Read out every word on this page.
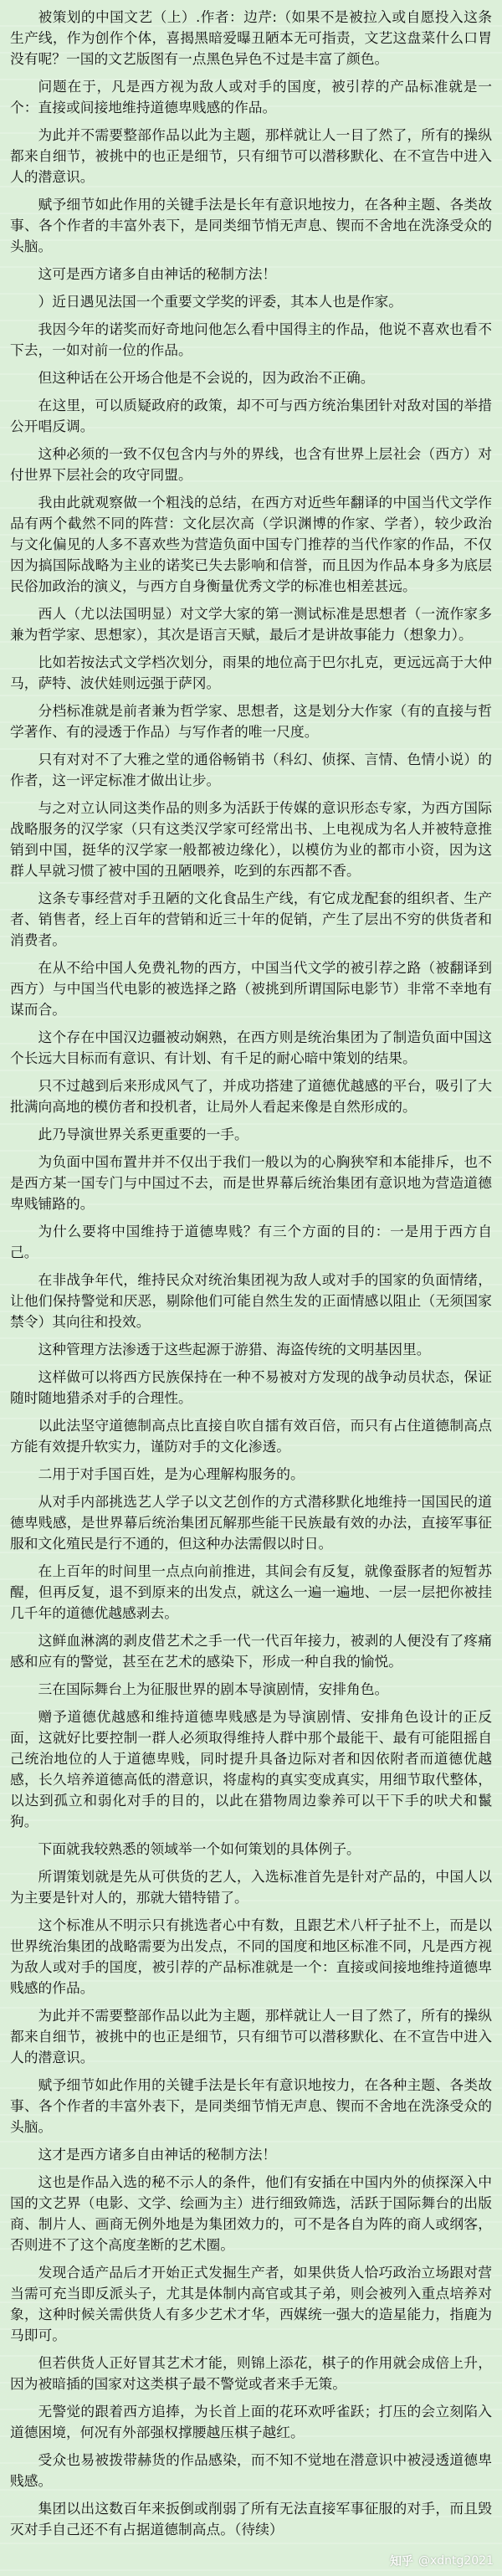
被策划的中国文艺（上）.作者：边芹:（如果不是被拉入或自愿投入这条生产线，作为创作个体，喜揭黑暗爱曝丑陋本无可指责，文艺这盘菜什么口胃没有呢？一国的文艺版图有一点黑色异色不过是丰富了颜色。

问题在于，凡是西方视为敌人或对手的国度，被引荐的产品标准就是一个：直接或间接地维持道德卑贱感的作品。

为此并不需要整部作品以此为主题，那样就让人一目了然了，所有的操纵都来自细节，被挑中的也正是细节，只有细节可以潜移默化、在不宣告中进入人的潜意识。

赋予细节如此作用的关键手法是长年有意识地按力，在各种主题、各类故事、各个作者的丰富外表下，是同类细节悄无声息、锲而不舍地在洗涤受众的头脑。

这可是西方诸多自由神话的秘制方法！

）近日遇见法国一个重要文学奖的评委，其本人也是作家。

我因今年的诺奖而好奇地问他怎么看中国得主的作品，他说不喜欢也看不下去，一如对前一位的作品。

但这种话在公开场合他是不会说的，因为政治不正确。

在这里，可以质疑政府的政策，却不可与西方统治集团针对敌对国的举措公开唱反调。

这种必须的一致不仅包含内与外的界线，也含有世界上层社会（西方）对付世界下层社会的攻守同盟。

我由此就观察做一个粗浅的总结，在西方对近些年翻译的中国当代文学作品有两个截然不同的阵营：文化层次高（学识渊博的作家、学者），较少政治与文化偏见的人多不喜欢些为营造负面中国专门推荐的当代作家的作品，不仅因为搞国际战略为主业的诺奖已失去影响和信誉，而且因为作品本身多为底层民俗加政治的演义，与西方自身衡量优秀文学的标准也相差甚远。

西人（尤以法国明显）对文学大家的第一测试标准是思想者（一流作家多兼为哲学家、思想家），其次是语言天赋，最后才是讲故事能力（想象力）。

比如若按法式文学档次划分，雨果的地位高于巴尔扎克，更远远高于大仲马，萨特、波伏娃则远强于萨冈。

分档标准就是前者兼为哲学家、思想者，这是划分大作家（有的直接与哲学著作、有的浸透于作品）与写作者的唯一尺度。

只有对对不了大雅之堂的通俗畅销书（科幻、侦探、言情、色情小说）的作者，这一评定标准才做出让步。

与之对立认同这类作品的则多为活跃于传媒的意识形态专家，为西方国际战略服务的汉学家（只有这类汉学家可经常出书、上电视成为名人并被特意推销到中国，挺华的汉学家一般都被边缘化），以模仿为业的都市小资，因为这群人早就习惯了被中国的丑陋喂养，吃到的东西都不香。

这条专事经营对手丑陋的文化食品生产线，有它成龙配套的组织者、生产者、销售者，经上百年的营销和近三十年的促销，产生了层出不穷的供货者和消费者。

在从不给中国人免费礼物的西方，中国当代文学的被引荐之路（被翻译到西方）与中国当代电影的被选择之路（被挑到所谓国际电影节）非常不幸地有谋而合。

这个存在中国汉边疆被动娴熟，在西方则是统治集团为了制造负面中国这个长远大目标而有意识、有计划、有千足的耐心暗中策划的结果。

只不过越到后来形成风气了，并成功搭建了道德优越感的平台，吸引了大批满向高地的模仿者和投机者，让局外人看起来像是自然形成的。

此乃导演世界关系更重要的一手。

为负面中国布置井并不仅出于我们一般以为的心胸狭窄和本能排斥，也不是西方某一国专门与中国过不去，而是世界幕后统治集团有意识地为营造道德卑贱铺路的。

为什么要将中国维持于道德卑贱？有三个方面的目的：一是用于西方自己。

在非战争年代，维持民众对统治集团视为敌人或对手的国家的负面情绪，让他们保持警觉和厌恶，剔除他们可能自然生发的正面情感以阻止（无须国家禁令）其向往和投效。

这种管理方法渗透于这些起源于游猎、海盗传统的文明基因里。

这样做可以将西方民族保持在一种不易被对方发现的战争动员状态，保证随时随地猎杀对手的合理性。

以此法坚守道德制高点比直接自吹自擂有效百倍，而只有占住道德制高点方能有效提升软实力，谨防对手的文化渗透。

二用于对手国百姓，是为心理解构服务的。

从对手内部挑选艺人学子以文艺创作的方式潜移默化地维持一国国民的道德卑贱感，是世界幕后统治集团瓦解那些能干民族最有效的办法，直接军事征服和文化殖民是行不通的，但这种办法需假以时日。

在上百年的时间里一点点向前推进，其间会有反复，就像蚕豚者的短暂苏醒，但再反复，退不到原来的出发点，就这么一遍一遍地、一层一层把你被挂几千年的道德优越感剥去。

这鲜血淋漓的剥皮借艺术之手一代一代百年接力，被剥的人便没有了疼痛感和应有的警觉，甚至在艺术的感染下，形成一种自我的愉悦。

三在国际舞台上为征服世界的剧本导演剧情，安排角色。

赠予道德优越感和维持道德卑贱感是为导演剧情、安排角色设计的正反面，这就好比要控制一群人必须取得维持人群中那个最能干、最有可能阻摇自己统治地位的人于道德卑贱，同时提升具备边际对者和因依附者而道德优越感，长久培养道德高低的潜意识，将虚构的真实变成真实，用细节取代整体，以达到孤立和弱化对手的目的，以此在猎物周边豢养可以干下手的吠犬和鬣狗。

下面就我较熟悉的领域举一个如何策划的具体例子。

所谓策划就是先从可供货的艺人，入选标准首先是针对产品的，中国人以为主要是针对人的，那就大错特错了。

这个标准从不明示只有挑选者心中有数，且跟艺术八杆子扯不上，而是以世界统治集团的战略需要为出发点，不同的国度和地区标准不同，凡是西方视为敌人或对手的国度，被引荐的产品标准就是一个：直接或间接地维持道德卑贱感的作品。

为此并不需要整部作品以此为主题，那样就让人一目了然了，所有的操纵都来自细节，被挑中的也正是细节，只有细节可以潜移默化、在不宣告中进入人的潜意识。

赋予细节如此作用的关键手法是长年有意识地按力，在各种主题、各类故事、各个作者的丰富外表下，是同类细节悄无声息、锲而不舍地在洗涤受众的头脑。

这才是西方诸多自由神话的秘制方法！

这也是作品入选的秘不示人的条件，他们有安插在中国内外的侦探深入中国的文艺界（电影、文学、绘画为主）进行细致筛选，活跃于国际舞台的出版商、制片人、画商无例外地是为集团效力的，可不是各自为阵的商人或纲客，否则进不了这个高度垄断的艺术圈。

发现合适产品后才开始正式发掘生产者，如果供货人恰巧政治立场跟对营当需可充当即反派头子，尤其是体制内高官或其子弟，则会被列入重点培养对象，这种时候关需供货人有多少艺术才华，西媒统一强大的造星能力，指鹿为马即可。

但若供货人正好冒其艺术才能，则锦上添花，棋子的作用就会成倍上升，因为被暗插的国家对这类棋子最不警觉或者来手无策。

无警觉的跟着西方追捧，为长首上面的花环欢呼雀跃；打压的会立刻陷入道德困境，何况有外部强权撑腰越压棋子越红。

受众也易被拨带赫货的作品感染，而不知不觉地在潜意识中被浸透道德卑贱感。

集团以出这数百年来扳倒或削弱了所有无法直接军事征服的对手，而且毁灭对手自己还不有占据道德制高点。（待续）

知乎 @xdntg2021
